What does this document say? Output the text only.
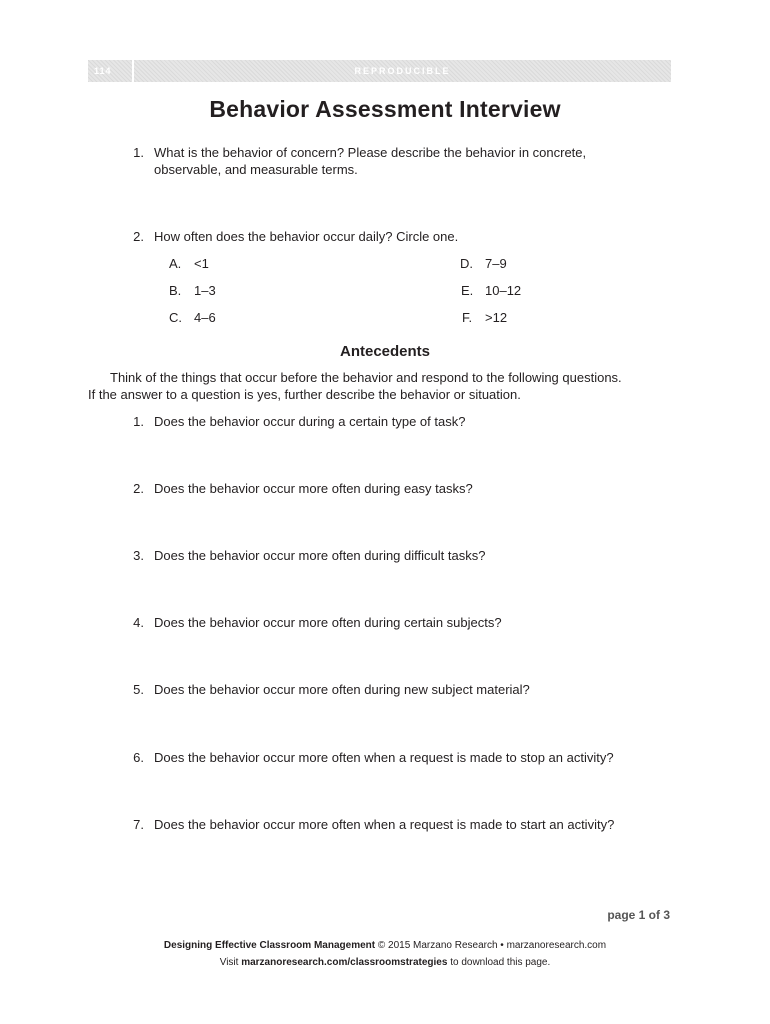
114	REPRODUCIBLE
Behavior Assessment Interview
1. What is the behavior of concern? Please describe the behavior in concrete,
observable, and measurable terms.
2. How often does the behavior occur daily? Circle one.
A. <1
B. 1–3
C. 4–6
D. 7–9
E. 10–12
F. >12
Antecedents
Think of the things that occur before the behavior and respond to the following questions.
If the answer to a question is yes, further describe the behavior or situation.
1. Does the behavior occur during a certain type of task?
2. Does the behavior occur more often during easy tasks?
3. Does the behavior occur more often during difficult tasks?
4. Does the behavior occur more often during certain subjects?
5. Does the behavior occur more often during new subject material?
6. Does the behavior occur more often when a request is made to stop an activity?
7. Does the behavior occur more often when a request is made to start an activity?
page 1 of 3
Designing Effective Classroom Management © 2015 Marzano Research • marzanoresearch.com
Visit marzanoresearch.com/classroomstrategies to download this page.
